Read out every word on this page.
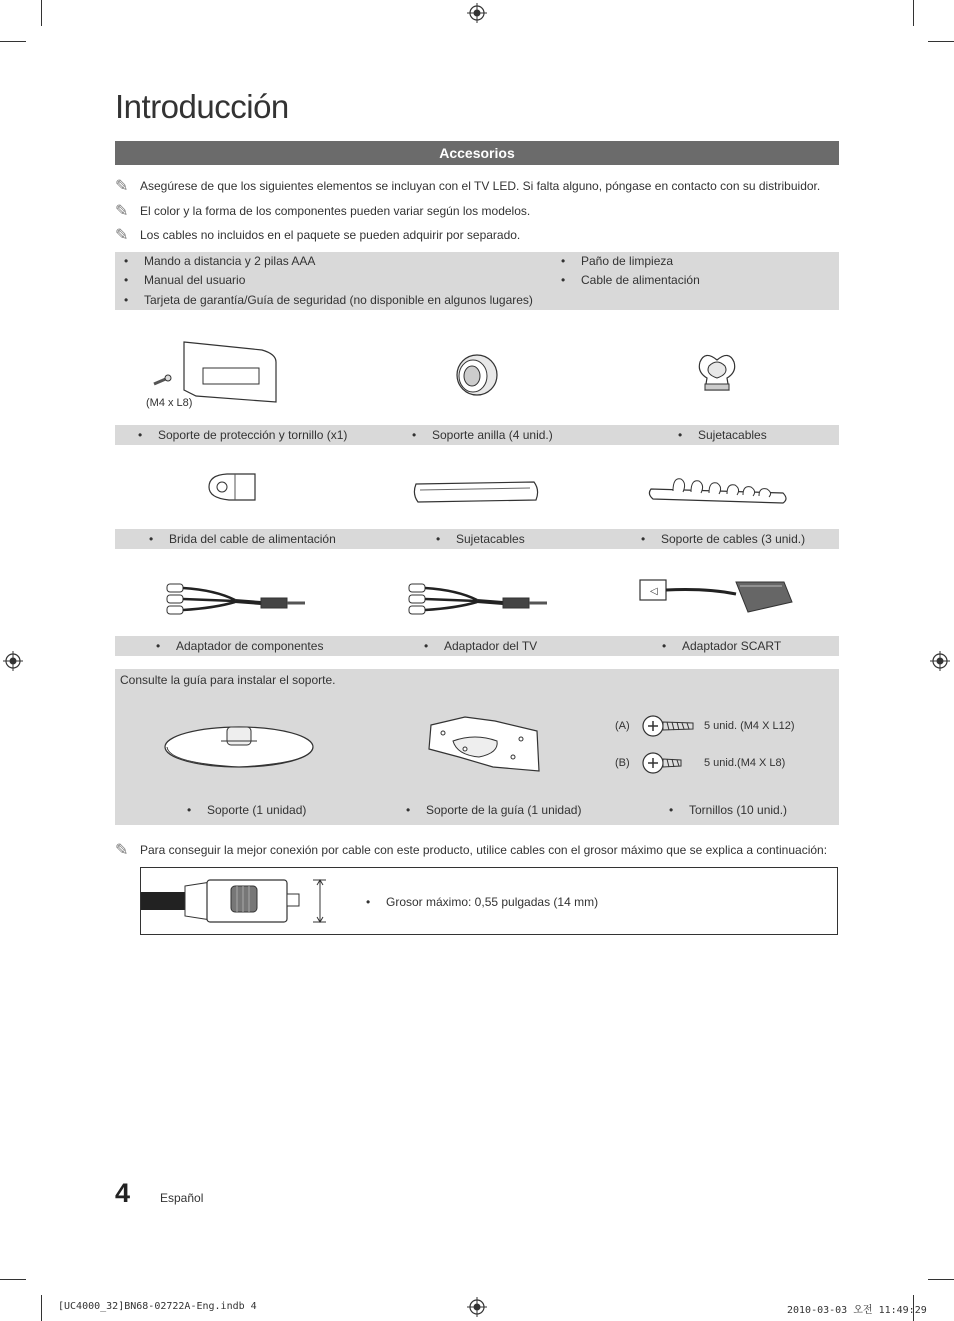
Introducción
Accesorios
✎ Asegúrese de que los siguientes elementos se incluyan con el TV LED. Si falta alguno, póngase en contacto con su distribuidor.
✎ El color y la forma de los componentes pueden variar según los modelos.
✎ Los cables no incluidos en el paquete se pueden adquirir por separado.
• Mando a distancia y 2 pilas AAA
• Manual del usuario
• Tarjeta de garantía/Guía de seguridad (no disponible en algunos lugares)
• Paño de limpieza
• Cable de alimentación
(M4 x L8)
• Soporte de protección y tornillo (x1)	• Soporte anilla (4 unid.)	• Sujetacables
• Brida del cable de alimentación	• Sujetacables	• Soporte de cables (3 unid.)
◁
• Adaptador de componentes	• Adaptador del TV	• Adaptador SCART
Consulte la guía para instalar el soporte.
(A)	5 unid. (M4 X L12)
(B)	5 unid.(M4 X L8)
• Soporte (1 unidad)	• Soporte de la guía (1 unidad)	• Tornillos (10 unid.)
✎ Para conseguir la mejor conexión por cable con este producto, utilice cables con el grosor máximo que se explica a continuación:
• Grosor máximo: 0,55 pulgadas (14 mm)
4 Español
[UC4000_32]BN68-02722A-Eng.indb 4	2010-03-03 오전 11:49:29
